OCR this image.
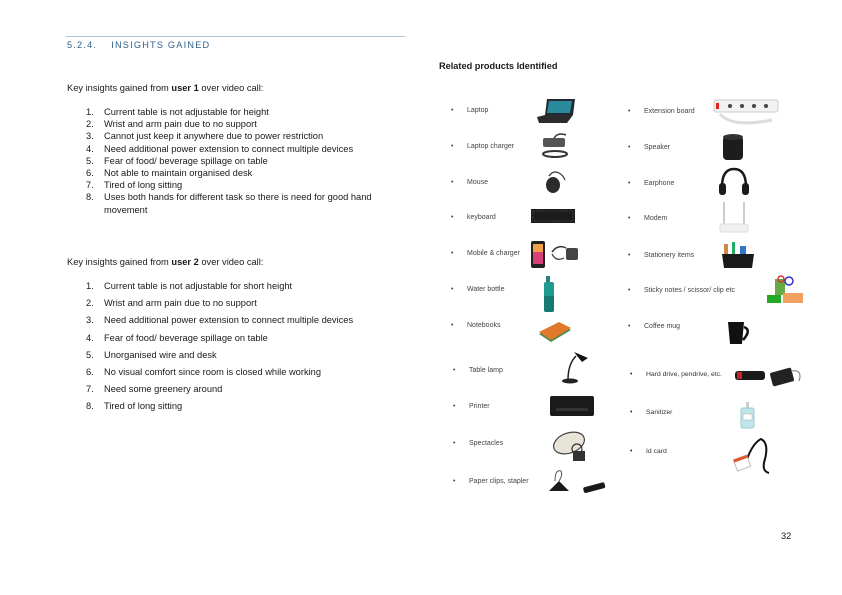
5.2.4. INSIGHTS GAINED
Key insights gained from user 1 over video call:
1. Current table is not adjustable for height
2. Wrist and arm pain due to no support
3. Cannot just keep it anywhere due to power restriction
4. Need additional power extension to connect multiple devices
5. Fear of food/ beverage spillage on table
6. Not able to maintain organised desk
7. Tired of long sitting
8. Uses both hands for different task so there is need for good hand movement
Key insights gained from user 2 over video call:
1. Current table is not adjustable for short height
2. Wrist and arm pain due to no support
3. Need additional power extension to connect multiple devices
4. Fear of food/ beverage spillage on table
5. Unorganised wire and desk
6. No visual comfort since room is closed while working
7. Need some greenery around
8. Tired of long sitting
Related products Identified
• Laptop
• Laptop charger
• Mouse
• keyboard
• Mobile & charger
• Water bottle
• Notebooks
• Table lamp
• Printer
• Spectacles
• Paper clips, stapler
• Extension board
• Speaker
• Earphone
• Modem
• Stationery items
• Sticky notes / scissor/ clip etc
• Coffee mug
• Hard drive, pendrive, etc.
• Sanitizer
• Id card
32
